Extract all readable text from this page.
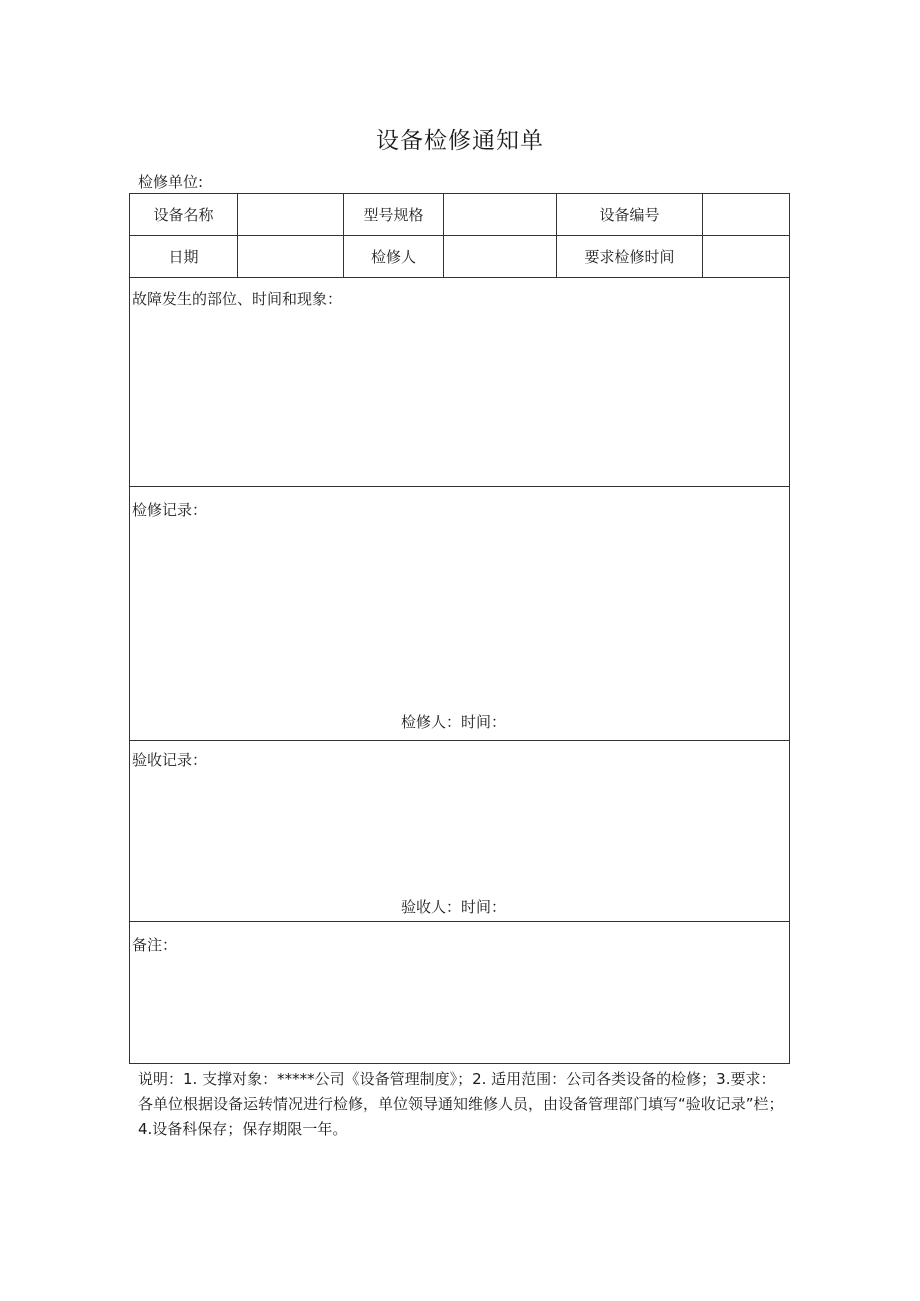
设备检修通知单
检修单位:
设备名称	型号规格	设备编号
日期	检修人	要求检修时间
故障发生的部位、时间和现象：
检修记录：
检修人：时间：
验收记录：
验收人：时间：
备注：
说明：1. 支撑对象：*****公司《设备管理制度》；2. 适用范围：公司各类设备的检修；3.要求：各单位根据设备运转情况进行检修，单位领导通知维修人员，由设备管理部门填写“验收记录”栏；4.设备科保存；保存期限一年。
